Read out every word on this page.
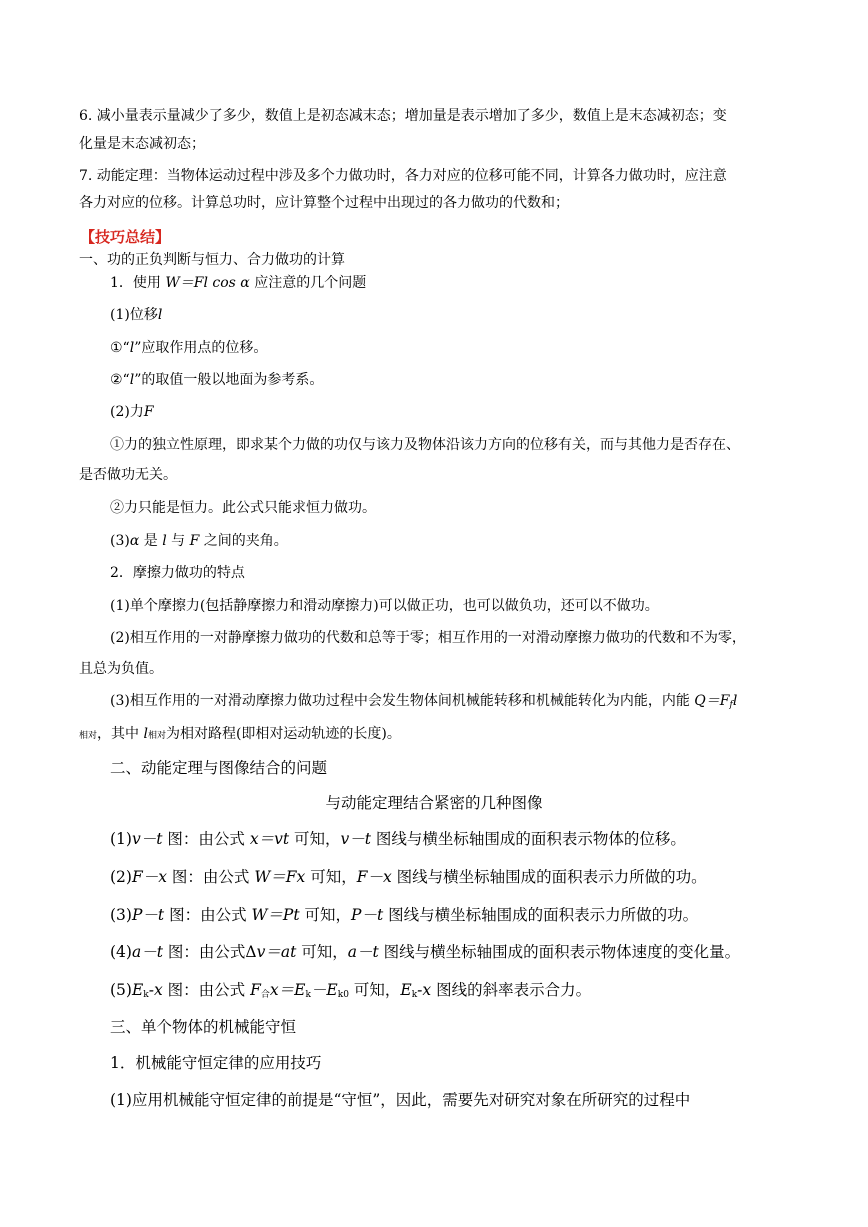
6. 减小量表示量减少了多少，数值上是初态减末态；增加量是表示增加了多少，数值上是末态减初态；变
化量是末态减初态；
7. 动能定理：当物体运动过程中涉及多个力做功时，各力对应的位移可能不同，计算各力做功时，应注意
各力对应的位移。计算总功时，应计算整个过程中出现过的各力做功的代数和；
【技巧总结】
一、功的正负判断与恒力、合力做功的计算
1．使用 W＝Fl cos α 应注意的几个问题
(1)位移l
①“l”应取作用点的位移。
②“l”的取值一般以地面为参考系。
(2)力F
①力的独立性原理，即求某个力做的功仅与该力及物体沿该力方向的位移有关，而与其他力是否存在、
是否做功无关。
②力只能是恒力。此公式只能求恒力做功。
(3)α 是 l 与 F 之间的夹角。
2．摩擦力做功的特点
(1)单个摩擦力(包括静摩擦力和滑动摩擦力)可以做正功，也可以做负功，还可以不做功。
(2)相互作用的一对静摩擦力做功的代数和总等于零；相互作用的一对滑动摩擦力做功的代数和不为零，
且总为负值。
(3)相互作用的一对滑动摩擦力做功过程中会发生物体间机械能转移和机械能转化为内能，内能 $Q=F_fl$
相对，其中 l相对为相对路程(即相对运动轨迹的长度)。
二、动能定理与图像结合的问题
与动能定理结合紧密的几种图像
(1)v－t 图：由公式 x＝vt 可知，v－t 图线与横坐标轴围成的面积表示物体的位移。
(2)F－x 图：由公式 W＝Fx 可知，F－x 图线与横坐标轴围成的面积表示力所做的功。
(3)P－t 图：由公式 W＝Pt 可知，P－t 图线与横坐标轴围成的面积表示力所做的功。
(4)a－t 图：由公式Δv＝at 可知，a－t 图线与横坐标轴围成的面积表示物体速度的变化量。
$(5)E_k-x$ 图：由公式 $F_合x=E_k-E_{k0}$ 可知，$E_k-x$ 图线的斜率表示合力。
三、单个物体的机械能守恒
1．机械能守恒定律的应用技巧
(1)应用机械能守恒定律的前提是“守恒”，因此，需要先对研究对象在所研究的过程中
